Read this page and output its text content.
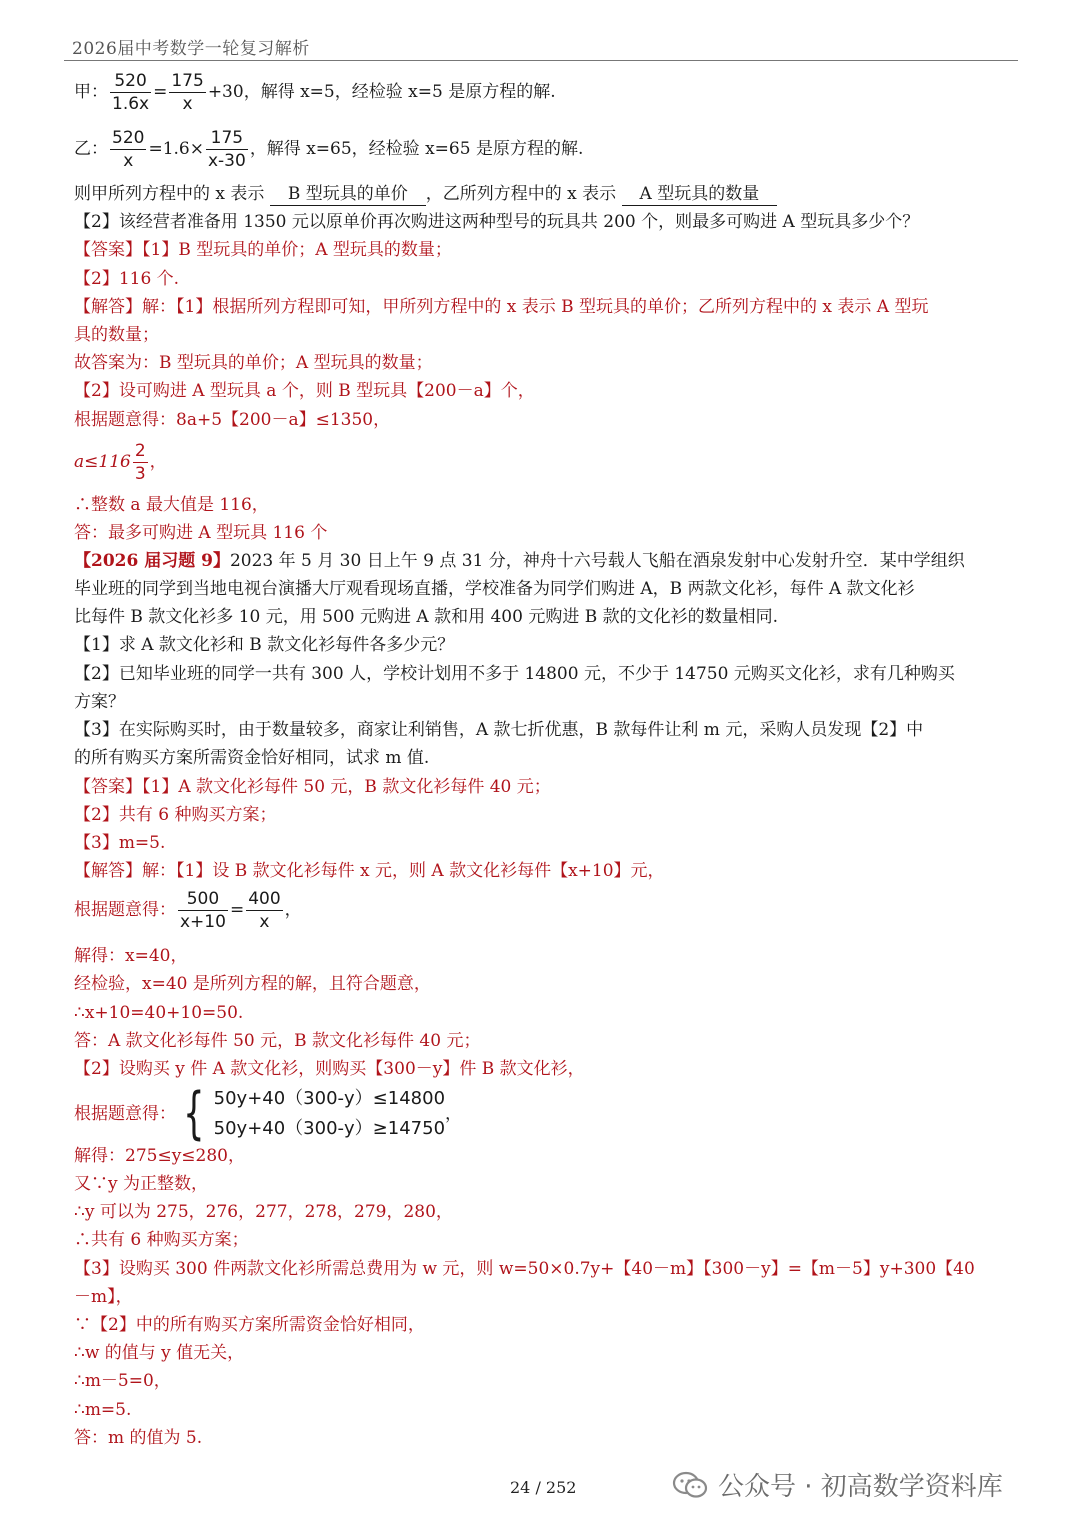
2026届中考数学一轮复习解析
甲： $\frac{520}{1.6x} = \frac{175}{x} +30$，解得 x=5，经检验 x=5 是原方程的解.
乙： $\frac{520}{x} =1.6\times \frac{175}{x-30}$ ，解得 x=65，经检验 x=65 是原方程的解.
则甲所列方程中的 x 表示 B 型玩具的单价 ，乙所列方程中的 x 表示 A 型玩具的数量
【2】该经营者准备用 1350 元以原单价再次购进这两种型号的玩具共 200 个，则最多可购进 A 型玩具多少个？
【答案】【1】B 型玩具的单价；A 型玩具的数量；
【2】116 个.
【解答】解：【1】根据所列方程即可知，甲所列方程中的 x 表示 B 型玩具的单价；乙所列方程中的 x 表示 A 型玩
具的数量；
故答案为：B 型玩具的单价；A 型玩具的数量；
【2】设可购进 A 型玩具 a 个，则 B 型玩具【200－a】个，
根据题意得：8a+5【200－a】≤1350，
$a\le 116 \frac{2}{3}$ ，
∴整数 a 最大值是 116，
答：最多可购进 A 型玩具 116 个
【2026 届习题 9】2023 年 5 月 30 日上午 9 点 31 分，神舟十六号载人飞船在酒泉发射中心发射升空．某中学组织
毕业班的同学到当地电视台演播大厅观看现场直播，学校准备为同学们购进 A，B 两款文化衫，每件 A 款文化衫
比每件 B 款文化衫多 10 元，用 500 元购进 A 款和用 400 元购进 B 款的文化衫的数量相同.
【1】求 A 款文化衫和 B 款文化衫每件各多少元？
【2】已知毕业班的同学一共有 300 人，学校计划用不多于 14800 元，不少于 14750 元购买文化衫，求有几种购买
方案？
【3】在实际购买时，由于数量较多，商家让利销售，A 款七折优惠，B 款每件让利 m 元，采购人员发现【2】中
的所有购买方案所需资金恰好相同，试求 m 值.
【答案】【1】A 款文化衫每件 50 元，B 款文化衫每件 40 元；
【2】共有 6 种购买方案；
【3】m=5.
【解答】解：【1】设 B 款文化衫每件 x 元，则 A 款文化衫每件【x+10】元，
根据题意得： $\frac{500}{x+10} = \frac{400}{x}$ ，
解得：x=40，
经检验，x=40 是所列方程的解，且符合题意，
∴x+10=40+10=50.
答：A 款文化衫每件 50 元，B 款文化衫每件 40 元；
【2】设购买 y 件 A 款文化衫，则购买【300－y】件 B 款文化衫，
根据题意得： { 50y+40（300-y）≤14800
50y+40（300-y）≥14750
，
解得：275≤y≤280，
又∵y 为正整数，
∴y 可以为 275，276，277，278，279，280，
∴共有 6 种购买方案；
【3】设购买 300 件两款文化衫所需总费用为 w 元，则 w=50×0.7y+【40－m】【300－y】=【m－5】y+300【40
－m】，
∵【2】中的所有购买方案所需资金恰好相同，
∴w 的值与 y 值无关，
∴m－5=0，
∴m=5.
答：m 的值为 5.
24 / 252	公众号 · 初高数学资料库
